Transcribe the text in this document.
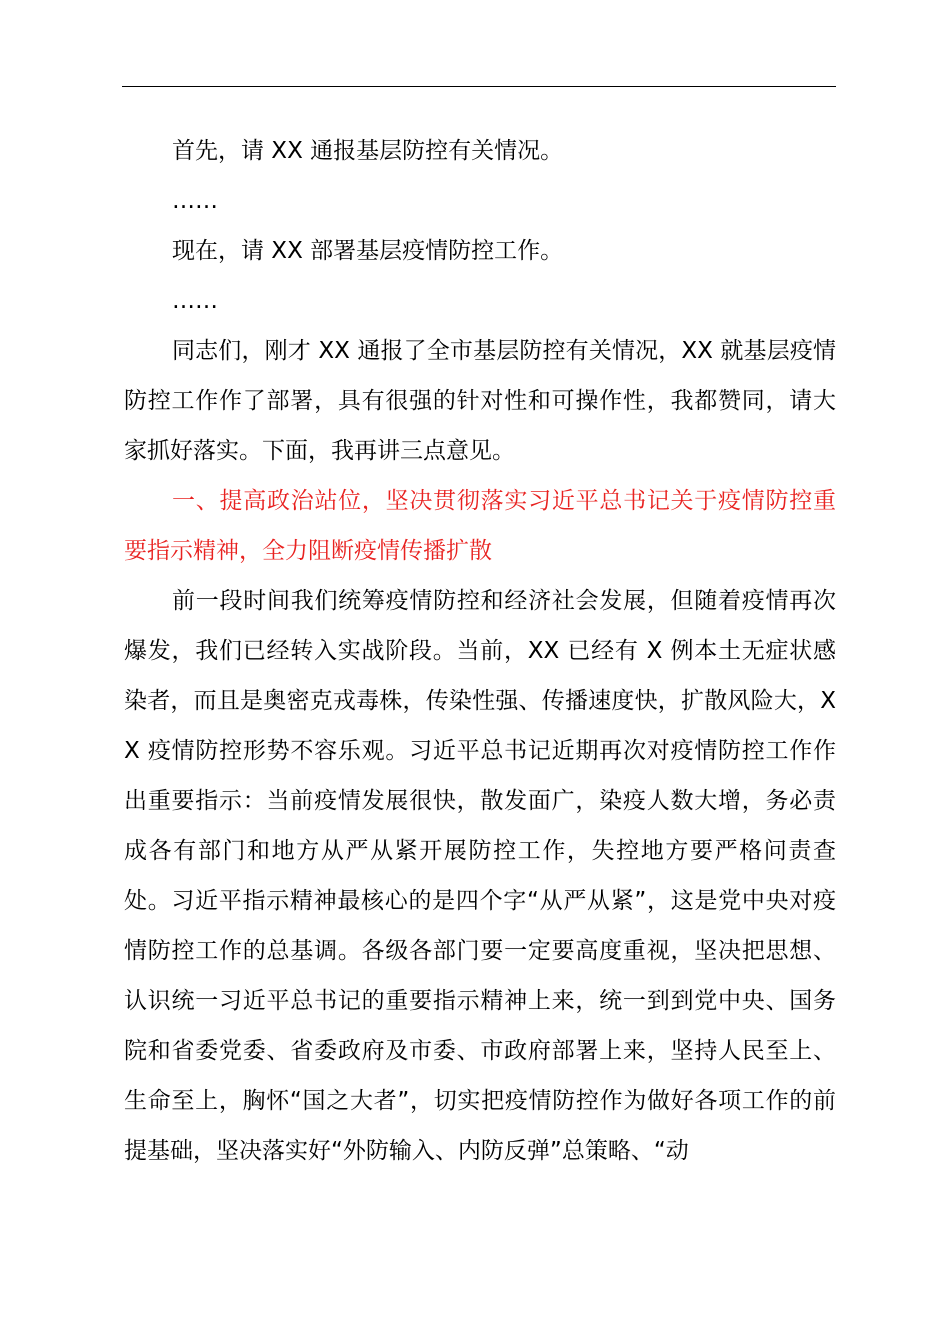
首先，请 XX 通报基层防控有关情况。

……

现在，请 XX 部署基层疫情防控工作。

……

同志们，刚才 XX 通报了全市基层防控有关情况，XX 就基层疫情防控工作作了部署，具有很强的针对性和可操作性，我都赞同，请大家抓好落实。下面，我再讲三点意见。

一、提高政治站位，坚决贯彻落实习近平总书记关于疫情防控重要指示精神，全力阻断疫情传播扩散

前一段时间我们统筹疫情防控和经济社会发展，但随着疫情再次爆发，我们已经转入实战阶段。当前，XX 已经有 X 例本土无症状感染者，而且是奥密克戎毒株，传染性强、传播速度快，扩散风险大，XX 疫情防控形势不容乐观。习近平总书记近期再次对疫情防控工作作出重要指示：当前疫情发展很快，散发面广，染疫人数大增，务必责成各有部门和地方从严从紧开展防控工作，失控地方要严格问责查处。习近平指示精神最核心的是四个字“从严从紧”，这是党中央对疫情防控工作的总基调。各级各部门要一定要高度重视，坚决把思想、认识统一习近平总书记的重要指示精神上来，统一到到党中央、国务院和省委党委、省委政府及市委、市政府部署上来，坚持人民至上、生命至上，胸怀“国之大者”，切实把疫情防控作为做好各项工作的前提基础，坚决落实好“外防输入、内防反弹”总策略、“动
